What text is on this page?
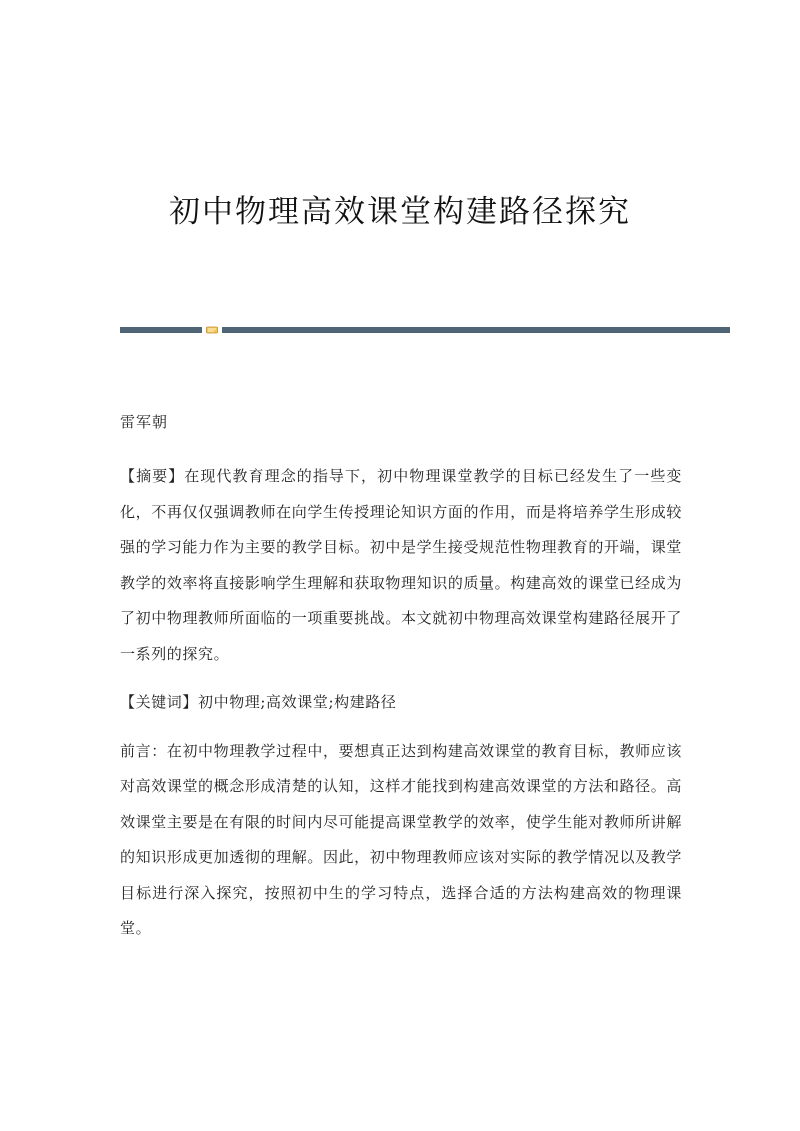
初中物理高效课堂构建路径探究

雷军朝

【摘要】在现代教育理念的指导下，初中物理课堂教学的目标已经发生了一些变化，不再仅仅强调教师在向学生传授理论知识方面的作用，而是将培养学生形成较强的学习能力作为主要的教学目标。初中是学生接受规范性物理教育的开端，课堂教学的效率将直接影响学生理解和获取物理知识的质量。构建高效的课堂已经成为了初中物理教师所面临的一项重要挑战。本文就初中物理高效课堂构建路径展开了一系列的探究。

【关键词】初中物理;高效课堂;构建路径

前言：在初中物理教学过程中，要想真正达到构建高效课堂的教育目标，教师应该对高效课堂的概念形成清楚的认知，这样才能找到构建高效课堂的方法和路径。高效课堂主要是在有限的时间内尽可能提高课堂教学的效率，使学生能对教师所讲解的知识形成更加透彻的理解。因此，初中物理教师应该对实际的教学情况以及教学目标进行深入探究，按照初中生的学习特点，选择合适的方法构建高效的物理课堂。
